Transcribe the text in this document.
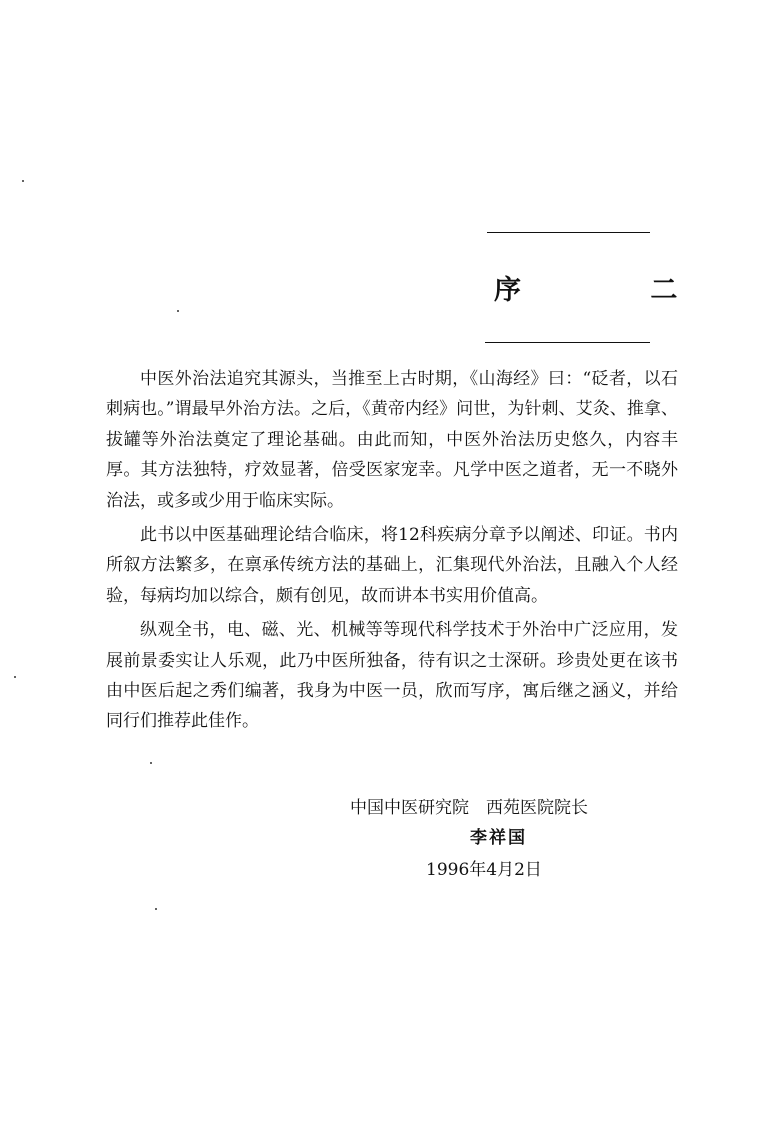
序 二

中医外治法追究其源头，当推至上古时期，《山海经》曰：“砭者，以石刺病也。”谓最早外治方法。之后，《黄帝内经》问世，为针刺、艾灸、推拿、拔罐等外治法奠定了理论基础。由此而知，中医外治法历史悠久，内容丰厚。其方法独特，疗效显著，倍受医家宠幸。凡学中医之道者，无一不晓外治法，或多或少用于临床实际。

此书以中医基础理论结合临床，将12科疾病分章予以阐述、印证。书内所叙方法繁多，在禀承传统方法的基础上，汇集现代外治法，且融入个人经验，每病均加以综合，颇有创见，故而讲本书实用价值高。

纵观全书，电、磁、光、机械等等现代科学技术于外治中广泛应用，发展前景委实让人乐观，此乃中医所独备，待有识之士深研。珍贵处更在该书由中医后起之秀们编著，我身为中医一员，欣而写序，寓后继之涵义，并给同行们推荐此佳作。

中国中医研究院　西苑医院院长
李祥国
1996年4月2日
